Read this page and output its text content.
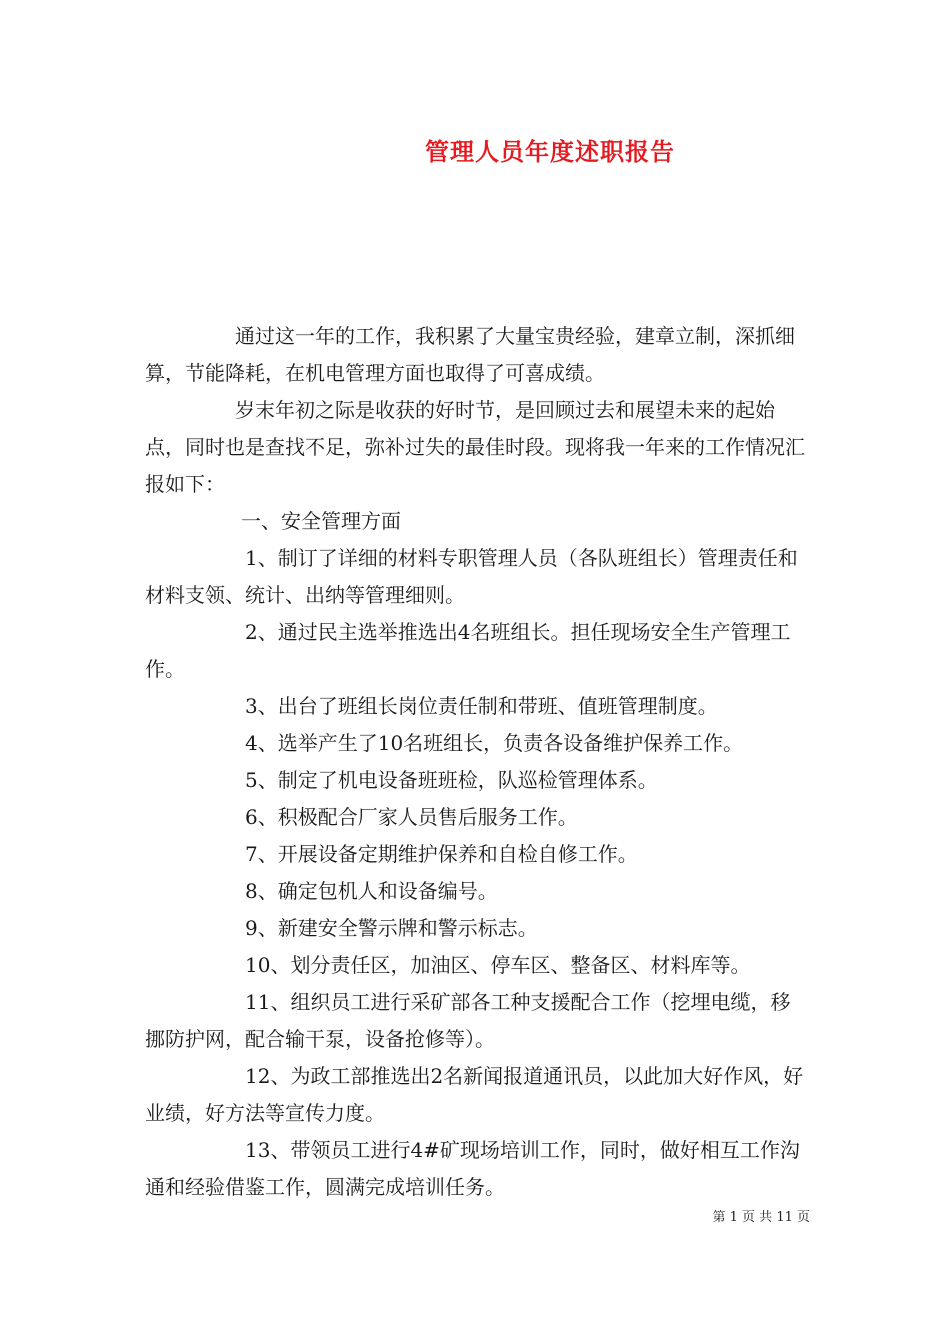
管理人员年度述职报告

通过这一年的工作，我积累了大量宝贵经验，建章立制，深抓细算，节能降耗，在机电管理方面也取得了可喜成绩。

岁末年初之际是收获的好时节，是回顾过去和展望未来的起始点，同时也是查找不足，弥补过失的最佳时段。现将我一年来的工作情况汇报如下：

一、安全管理方面

1、制订了详细的材料专职管理人员（各队班组长）管理责任和材料支领、统计、出纳等管理细则。

2、通过民主选举推选出4名班组长。担任现场安全生产管理工作。

3、出台了班组长岗位责任制和带班、值班管理制度。

4、选举产生了10名班组长，负责各设备维护保养工作。

5、制定了机电设备班班检，队巡检管理体系。

6、积极配合厂家人员售后服务工作。

7、开展设备定期维护保养和自检自修工作。

8、确定包机人和设备编号。

9、新建安全警示牌和警示标志。

10、划分责任区，加油区、停车区、整备区、材料库等。

11、组织员工进行采矿部各工种支援配合工作（挖埋电缆，移挪防护网，配合输干泵，设备抢修等）。

12、为政工部推选出2名新闻报道通讯员，以此加大好作风，好业绩，好方法等宣传力度。

13、带领员工进行4#矿现场培训工作，同时，做好相互工作沟通和经验借鉴工作，圆满完成培训任务。

第 1 页 共 11 页
